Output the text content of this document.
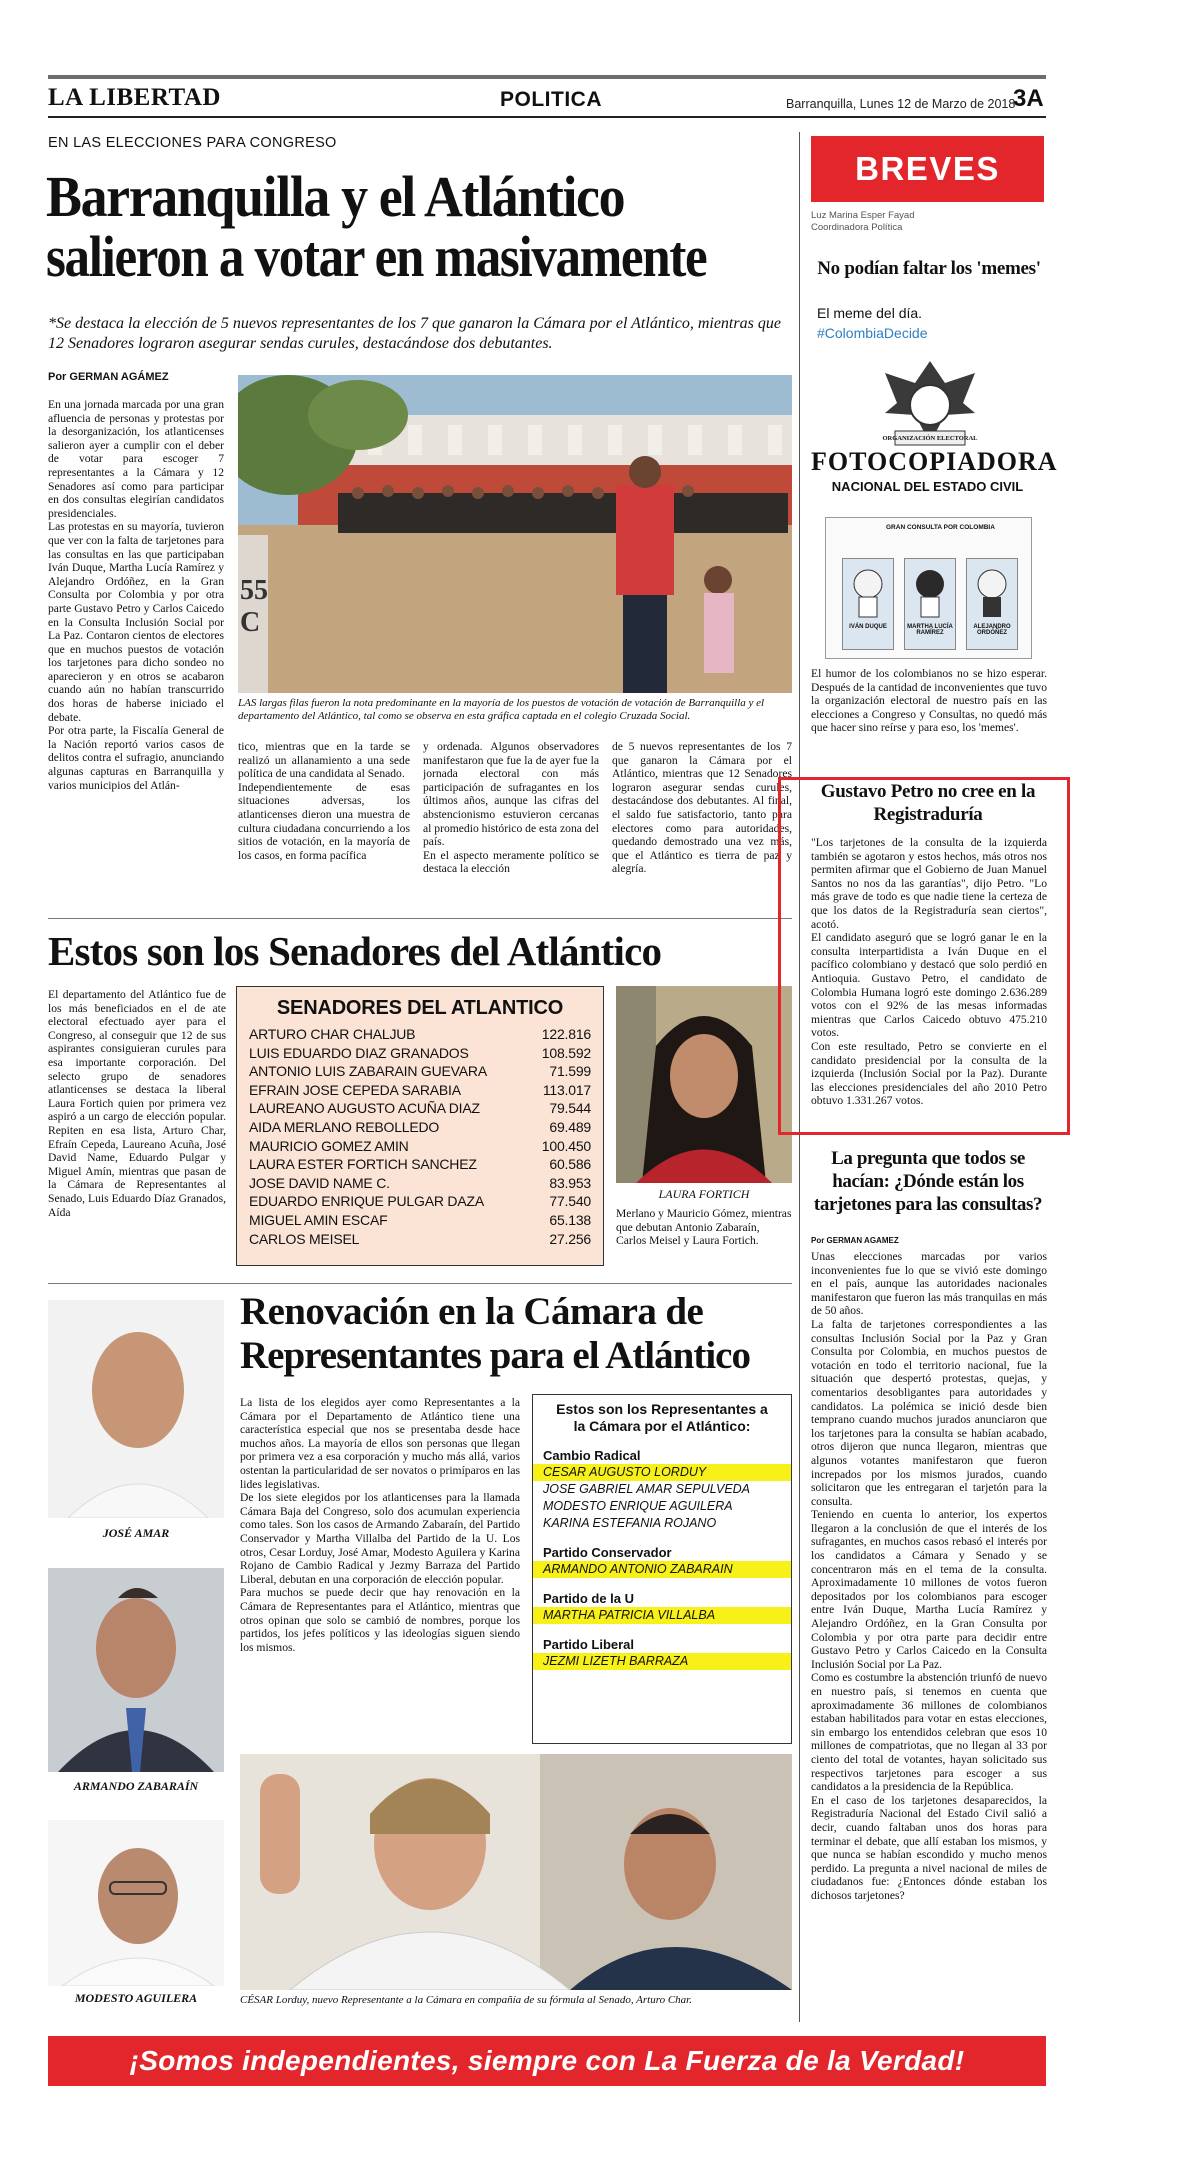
LA LIBERTAD	POLITICA	Barranquilla, Lunes 12 de Marzo de 2018
3A
EN LAS ELECCIONES PARA CONGRESO
Barranquilla y el Atlántico
salieron a votar en masivamente
*Se destaca la elección de 5 nuevos representantes de los 7 que ganaron la Cámara por el Atlántico, mientras que 12 Senadores lograron asegurar sendas curules, destacándose dos debutantes.
Por GERMAN AGÁMEZ
En una jornada marcada por una gran afluencia de personas y protestas por la desorganización, los atlanticenses salieron ayer a cumplir con el deber de votar para escoger 7 representantes a la Cámara y 12 Senadores así como para participar en dos consultas elegirían candidatos presidenciales.
Las protestas en su mayoría, tuvieron que ver con la falta de tarjetones para las consultas en las que participaban Iván Duque, Martha Lucía Ramírez y Alejandro Ordóñez, en la Gran Consulta por Colombia y por otra parte Gustavo Petro y Carlos Caicedo en la Consulta Inclusión Social por La Paz. Contaron cientos de electores que en muchos puestos de votación los tarjetones para dicho sondeo no aparecieron y en otros se acabaron cuando aún no habían transcurrido dos horas de haberse iniciado el debate.
Por otra parte, la Fiscalía General de la Nación reportó varios casos de delitos contra el sufragio, anunciando algunas capturas en Barranquilla y varios municipios del Atlán-
55 C
LAS largas filas fueron la nota predominante en la mayoría de los puestos de votación de votación de Barranquilla y el departamento del Atlántico, tal como se observa en esta gráfica captada en el colegio Cruzada Social.
tico, mientras que en la tarde se realizó un allanamiento a una sede política de una candidata al Senado.
Independientemente de esas situaciones adversas, los atlanticenses dieron una muestra de cultura ciudadana concurriendo a los sitios de votación, en la mayoría de los casos, en forma pacífica
y ordenada. Algunos observadores manifestaron que fue la de ayer fue la jornada electoral con más participación de sufragantes en los últimos años, aunque las cifras del abstencionismo estuvieron cercanas al promedio histórico de esta zona del país.
En el aspecto meramente político se destaca la elección
de 5 nuevos representantes de los 7 que ganaron la Cámara por el Atlántico, mientras que 12 Senadores lograron asegurar sendas curules, destacándose dos debutantes. Al final, el saldo fue satisfactorio, tanto para electores como para autoridades, quedando demostrado una vez más, que el Atlántico es tierra de paz y alegría.
Estos son los Senadores del Atlántico
El departamento del Atlántico fue de los más beneficiados en el de ate electoral efectuado ayer para el Congreso, al conseguir que 12 de sus aspirantes consiguieran curules para esa importante corporación. Del selecto grupo de senadores atlanticenses se destaca la liberal Laura Fortich quien por primera vez aspiró a un cargo de elección popular. Repiten en esa lista, Arturo Char, Efraín Cepeda, Laureano Acuña, José David Name, Eduardo Pulgar y Miguel Amín, mientras que pasan de la Cámara de Representantes al Senado, Luis Eduardo Díaz Granados, Aída
SENADORES DEL ATLANTICO
ARTURO CHAR CHALJUB	122.816
LUIS EDUARDO DIAZ GRANADOS	108.592
ANTONIO LUIS ZABARAIN GUEVARA	71.599
EFRAIN JOSE CEPEDA SARABIA	113.017
LAUREANO AUGUSTO ACUÑA DIAZ	79.544
AIDA MERLANO REBOLLEDO	69.489
MAURICIO GOMEZ AMIN	100.450
LAURA ESTER FORTICH SANCHEZ	60.586
JOSE DAVID NAME C.	83.953
EDUARDO ENRIQUE PULGAR DAZA	77.540
MIGUEL AMIN ESCAF	65.138
CARLOS MEISEL	27.256
LAURA FORTICH
Merlano y Mauricio Gómez, mientras que debutan Antonio Zabaraín, Carlos Meisel y Laura Fortich.
JOSÉ AMAR
ARMANDO ZABARAÍN
MODESTO AGUILERA
Renovación en la Cámara de
Representantes para el Atlántico
La lista de los elegidos ayer como Representantes a la Cámara por el Departamento de Atlántico tiene una característica especial que nos se presentaba desde hace muchos años. La mayoría de ellos son personas que llegan por primera vez a esa corporación y mucho más allá, varios ostentan la particularidad de ser novatos o primíparos en las lides legislativas.
De los siete elegidos por los atlanticenses para la llamada Cámara Baja del Congreso, solo dos acumulan experiencia como tales. Son los casos de Armando Zabaraín, del Partido Conservador y Martha Villalba del Partido de la U. Los otros, Cesar Lorduy, José Amar, Modesto Aguilera y Karina Rojano de Cambio Radical y Jezmy Barraza del Partido Liberal, debutan en una corporación de elección popular.
Para muchos se puede decir que hay renovación en la Cámara de Representantes para el Atlántico, mientras que otros opinan que solo se cambió de nombres, porque los partidos, los jefes políticos y las ideologías siguen siendo los mismos.
Estos son los Representantes a la Cámara por el Atlántico:
Cambio Radical
CESAR AUGUSTO LORDUY
JOSE GABRIEL AMAR SEPULVEDA
MODESTO ENRIQUE AGUILERA
KARINA ESTEFANIA ROJANO
Partido Conservador
ARMANDO ANTONIO ZABARAIN
Partido de la U
MARTHA PATRICIA VILLALBA
Partido Liberal
JEZMI LIZETH BARRAZA
CÉSAR Lorduy, nuevo Representante a la Cámara en compañía de su fórmula al Senado, Arturo Char.
BREVES
Luz Marina Esper Fayad
Coordinadora Política
No podían faltar los 'memes'
El meme del día.
#ColombiaDecide
ORGANIZACIÓN ELECTORAL
FOTOCOPIADORA
NACIONAL DEL ESTADO CIVIL
GRAN CONSULTA POR COLOMBIA
IVÁN DUQUE	MARTHA LUCÍA RAMÍREZ
ALEJANDRO ORDÓÑEZ
El humor de los colombianos no se hizo esperar. Después de la cantidad de inconvenientes que tuvo la organización electoral de nuestro país en las elecciones a Congreso y Consultas, no quedó más que hacer sino reírse y para eso, los 'memes'.
Gustavo Petro no cree en la Registraduría
"Los tarjetones de la consulta de la izquierda también se agotaron y estos hechos, más otros nos permiten afirmar que el Gobierno de Juan Manuel Santos no nos da las garantías", dijo Petro. "Lo más grave de todo es que nadie tiene la certeza de que los datos de la Registraduría sean ciertos", acotó.
El candidato aseguró que se logró ganar le en la consulta interpartidista a Iván Duque en el pacífico colombiano y destacó que solo perdió en Antioquia. Gustavo Petro, el candidato de Colombia Humana logró este domingo 2.636.289 votos con el 92% de las mesas informadas mientras que Carlos Caicedo obtuvo 475.210 votos.
Con este resultado, Petro se convierte en el candidato presidencial por la consulta de la izquierda (Inclusión Social por la Paz). Durante las elecciones presidenciales del año 2010 Petro obtuvo 1.331.267 votos.
La pregunta que todos se hacían: ¿Dónde están los tarjetones para las consultas?
Por GERMAN AGAMEZ
Unas elecciones marcadas por varios inconvenientes fue lo que se vivió este domingo en el país, aunque las autoridades nacionales manifestaron que fueron las más tranquilas en más de 50 años.
La falta de tarjetones correspondientes a las consultas Inclusión Social por la Paz y Gran Consulta por Colombia, en muchos puestos de votación en todo el territorio nacional, fue la situación que despertó protestas, quejas, y comentarios desobligantes para autoridades y candidatos. La polémica se inició desde bien temprano cuando muchos jurados anunciaron que los tarjetones para la consulta se habían acabado, otros dijeron que nunca llegaron, mientras que algunos votantes manifestaron que fueron increpados por los mismos jurados, cuando solicitaron que les entregaran el tarjetón para la consulta.
Teniendo en cuenta lo anterior, los expertos llegaron a la conclusión de que el interés de los sufragantes, en muchos casos rebasó el interés por los candidatos a Cámara y Senado y se concentraron más en el tema de la consulta. Aproximadamente 10 millones de votos fueron depositados por los colombianos para escoger entre Iván Duque, Martha Lucía Ramírez y Alejandro Ordóñez, en la Gran Consulta por Colombia y por otra parte para decidir entre Gustavo Petro y Carlos Caicedo en la Consulta Inclusión Social por La Paz.
Como es costumbre la abstención triunfó de nuevo en nuestro país, si tenemos en cuenta que aproximadamente 36 millones de colombianos estaban habilitados para votar en estas elecciones, sin embargo los entendidos celebran que esos 10 millones de compatriotas, que no llegan al 33 por ciento del total de votantes, hayan solicitado sus respectivos tarjetones para escoger a sus candidatos a la presidencia de la República.
En el caso de los tarjetones desaparecidos, la Registraduría Nacional del Estado Civil salió a decir, cuando faltaban unos dos horas para terminar el debate, que allí estaban los mismos, y que nunca se habían escondido y mucho menos perdido. La pregunta a nivel nacional de miles de ciudadanos fue: ¿Entonces dónde estaban los dichosos tarjetones?
¡Somos independientes, siempre con La Fuerza de la Verdad!
